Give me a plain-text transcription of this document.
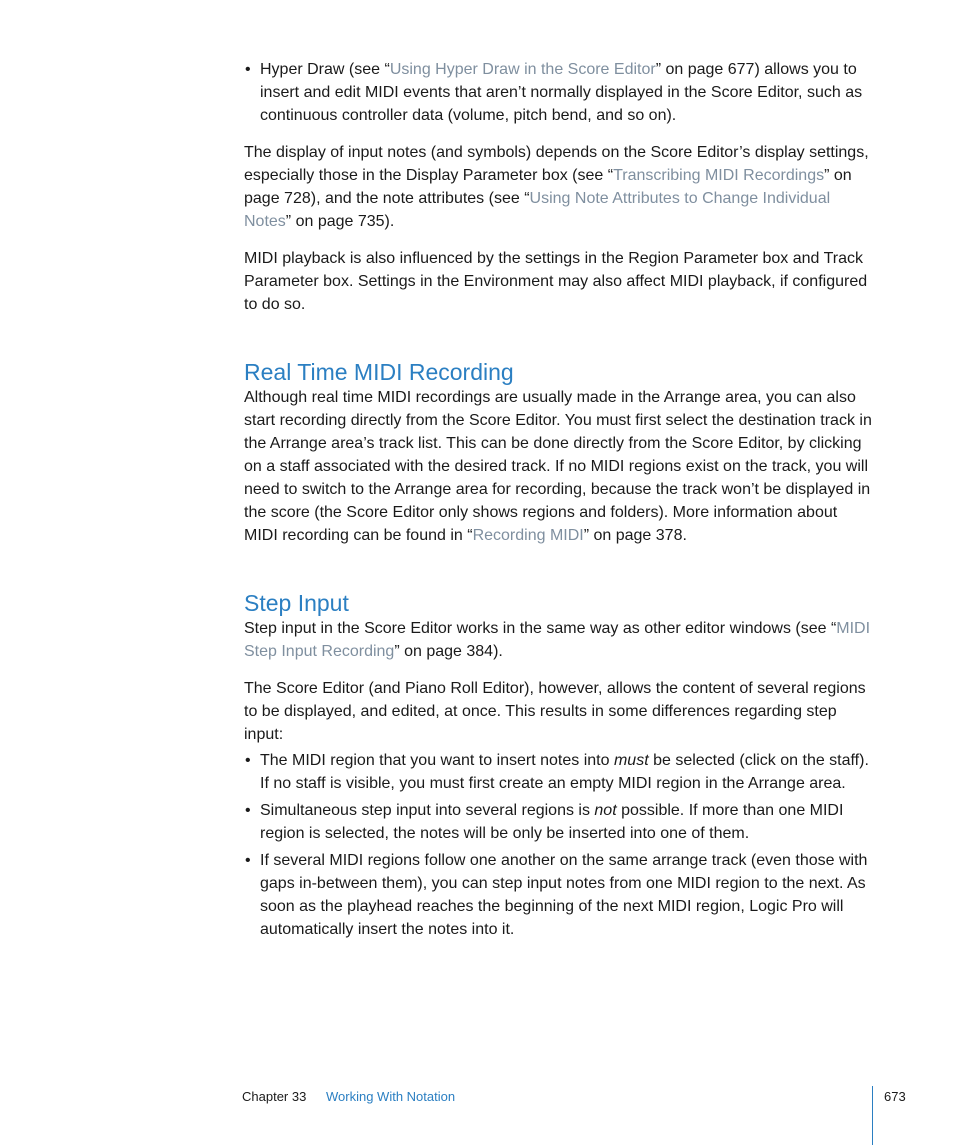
• Hyper Draw (see “Using Hyper Draw in the Score Editor” on page 677) allows you to insert and edit MIDI events that aren’t normally displayed in the Score Editor, such as continuous controller data (volume, pitch bend, and so on).

The display of input notes (and symbols) depends on the Score Editor’s display settings, especially those in the Display Parameter box (see “Transcribing MIDI Recordings” on page 728), and the note attributes (see “Using Note Attributes to Change Individual Notes” on page 735).

MIDI playback is also influenced by the settings in the Region Parameter box and Track Parameter box. Settings in the Environment may also affect MIDI playback, if configured to do so.

Real Time MIDI Recording

Although real time MIDI recordings are usually made in the Arrange area, you can also start recording directly from the Score Editor. You must first select the destination track in the Arrange area’s track list. This can be done directly from the Score Editor, by clicking on a staff associated with the desired track. If no MIDI regions exist on the track, you will need to switch to the Arrange area for recording, because the track won’t be displayed in the score (the Score Editor only shows regions and folders). More information about MIDI recording can be found in “Recording MIDI” on page 378.

Step Input

Step input in the Score Editor works in the same way as other editor windows (see “MIDI Step Input Recording” on page 384).

The Score Editor (and Piano Roll Editor), however, allows the content of several regions to be displayed, and edited, at once. This results in some differences regarding step input:

• The MIDI region that you want to insert notes into must be selected (click on the staff). If no staff is visible, you must first create an empty MIDI region in the Arrange area.
• Simultaneous step input into several regions is not possible. If more than one MIDI region is selected, the notes will be only be inserted into one of them.
• If several MIDI regions follow one another on the same arrange track (even those with gaps in-between them), you can step input notes from one MIDI region to the next. As soon as the playhead reaches the beginning of the next MIDI region, Logic Pro will automatically insert the notes into it.
Chapter 33 Working With Notation	673
